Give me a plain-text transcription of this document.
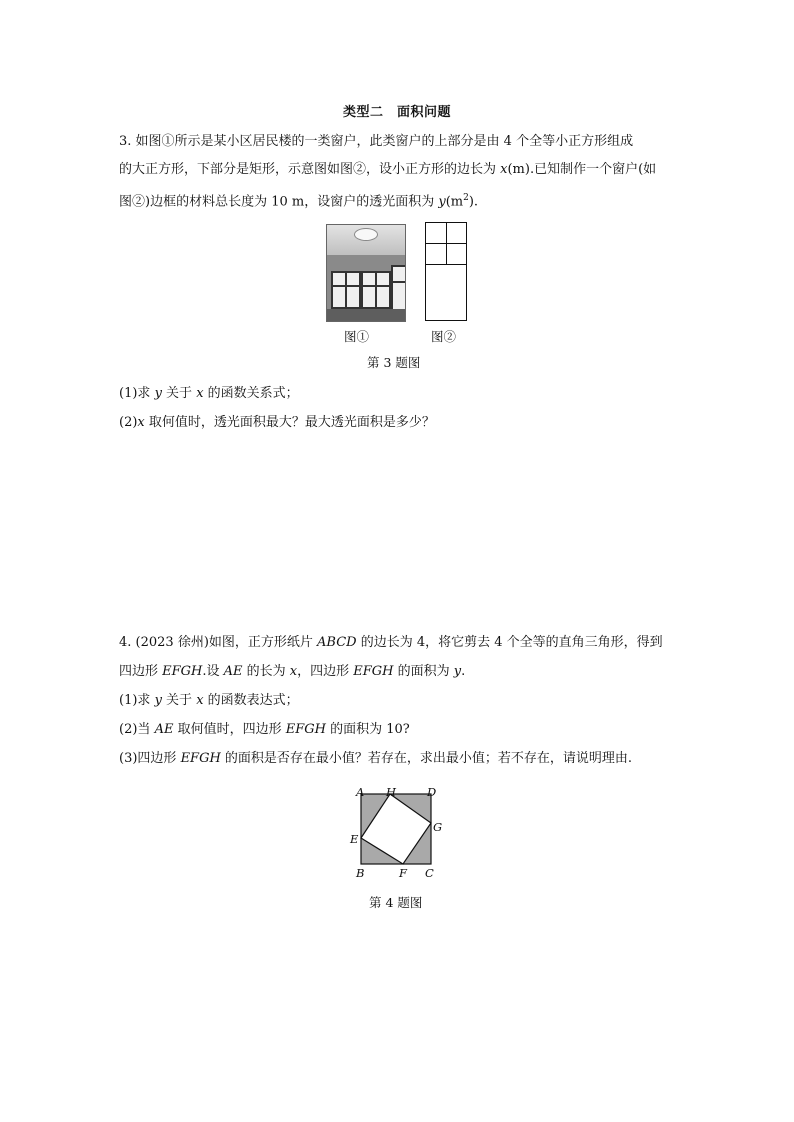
类型二　面积问题
3. 如图①所示是某小区居民楼的一类窗户，此类窗户的上部分是由 4 个全等小正方形组成
的大正方形，下部分是矩形，示意图如图②，设小正方形的边长为 x(m).已知制作一个窗户(如
图②)边框的材料总长度为 10 m，设窗户的透光面积为 $y(m^2)$.
图①	图②
第 3 题图
(1)求 y 关于 x 的函数关系式；
(2)x 取何值时，透光面积最大？最大透光面积是多少？
4. (2023 徐州)如图，正方形纸片 ABCD 的边长为 4，将它剪去 4 个全等的直角三角形，得到
四边形 EFGH.设 AE 的长为 x，四边形 EFGH 的面积为 y.
(1)求 y 关于 x 的函数表达式；
(2)当 AE 取何值时，四边形 EFGH 的面积为 10?
(3)四边形 EFGH 的面积是否存在最小值？若存在，求出最小值；若不存在，请说明理由.
A H	D
E
G
B	F C
第 4 题图
